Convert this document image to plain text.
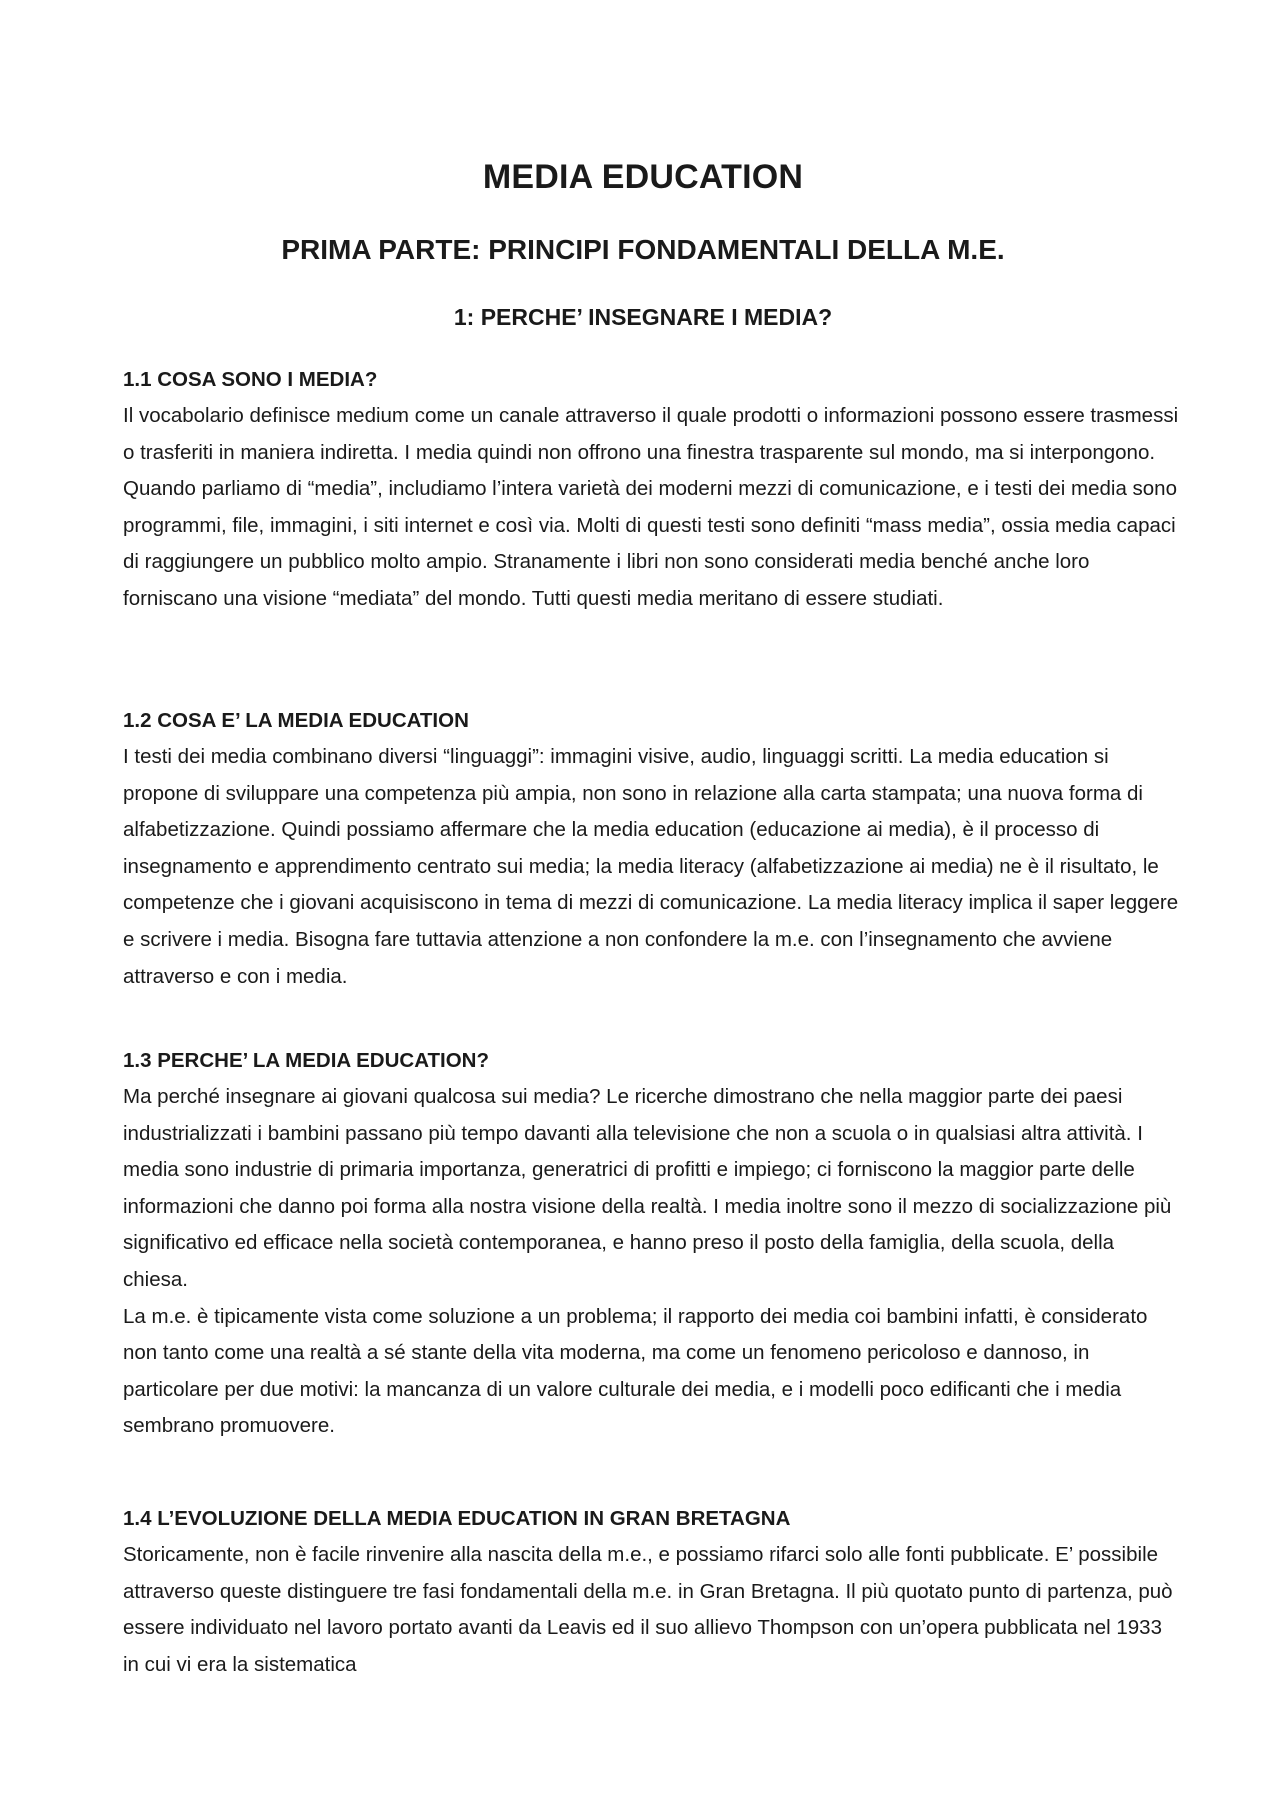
MEDIA EDUCATION
PRIMA PARTE: PRINCIPI FONDAMENTALI DELLA M.E.
1: PERCHE’ INSEGNARE I MEDIA?
1.1 COSA SONO I MEDIA?

Il vocabolario definisce medium come un canale attraverso il quale prodotti o informazioni possono essere trasmessi o trasferiti in maniera indiretta. I media quindi non offrono una finestra trasparente sul mondo, ma si interpongono.

Quando parliamo di “media”, includiamo l’intera varietà dei moderni mezzi di comunicazione, e i testi dei media sono programmi, file, immagini, i siti internet e così via. Molti di questi testi sono definiti “mass media”, ossia media capaci di raggiungere un pubblico molto ampio. Stranamente i libri non sono considerati media benché anche loro forniscano una visione “mediata” del mondo. Tutti questi media meritano di essere studiati.

1.2 COSA E’ LA MEDIA EDUCATION

I testi dei media combinano diversi “linguaggi”: immagini visive, audio, linguaggi scritti. La media education si propone di sviluppare una competenza più ampia, non sono in relazione alla carta stampata; una nuova forma di alfabetizzazione. Quindi possiamo affermare che la media education (educazione ai media), è il processo di insegnamento e apprendimento centrato sui media; la media literacy (alfabetizzazione ai media) ne è il risultato, le competenze che i giovani acquisiscono in tema di mezzi di comunicazione. La media literacy implica il saper leggere e scrivere i media. Bisogna fare tuttavia attenzione a non confondere la m.e. con l’insegnamento che avviene attraverso e con i media.

1.3 PERCHE’ LA MEDIA EDUCATION?

Ma perché insegnare ai giovani qualcosa sui media? Le ricerche dimostrano che nella maggior parte dei paesi industrializzati i bambini passano più tempo davanti alla televisione che non a scuola o in qualsiasi altra attività. I media sono industrie di primaria importanza, generatrici di profitti e impiego; ci forniscono la maggior parte delle informazioni che danno poi forma alla nostra visione della realtà. I media inoltre sono il mezzo di socializzazione più significativo ed efficace nella società contemporanea, e hanno preso il posto della famiglia, della scuola, della chiesa.

La m.e. è tipicamente vista come soluzione a un problema; il rapporto dei media coi bambini infatti, è considerato non tanto come una realtà a sé stante della vita moderna, ma come un fenomeno pericoloso e dannoso, in particolare per due motivi: la mancanza di un valore culturale dei media, e i modelli poco edificanti che i media sembrano promuovere.

1.4 L’EVOLUZIONE DELLA MEDIA EDUCATION IN GRAN BRETAGNA

Storicamente, non è facile rinvenire alla nascita della m.e., e possiamo rifarci solo alle fonti pubblicate. E’ possibile attraverso queste distinguere tre fasi fondamentali della m.e. in Gran Bretagna. Il più quotato punto di partenza, può essere individuato nel lavoro portato avanti da Leavis ed il suo allievo Thompson con un’opera pubblicata nel 1933 in cui vi era la sistematica
